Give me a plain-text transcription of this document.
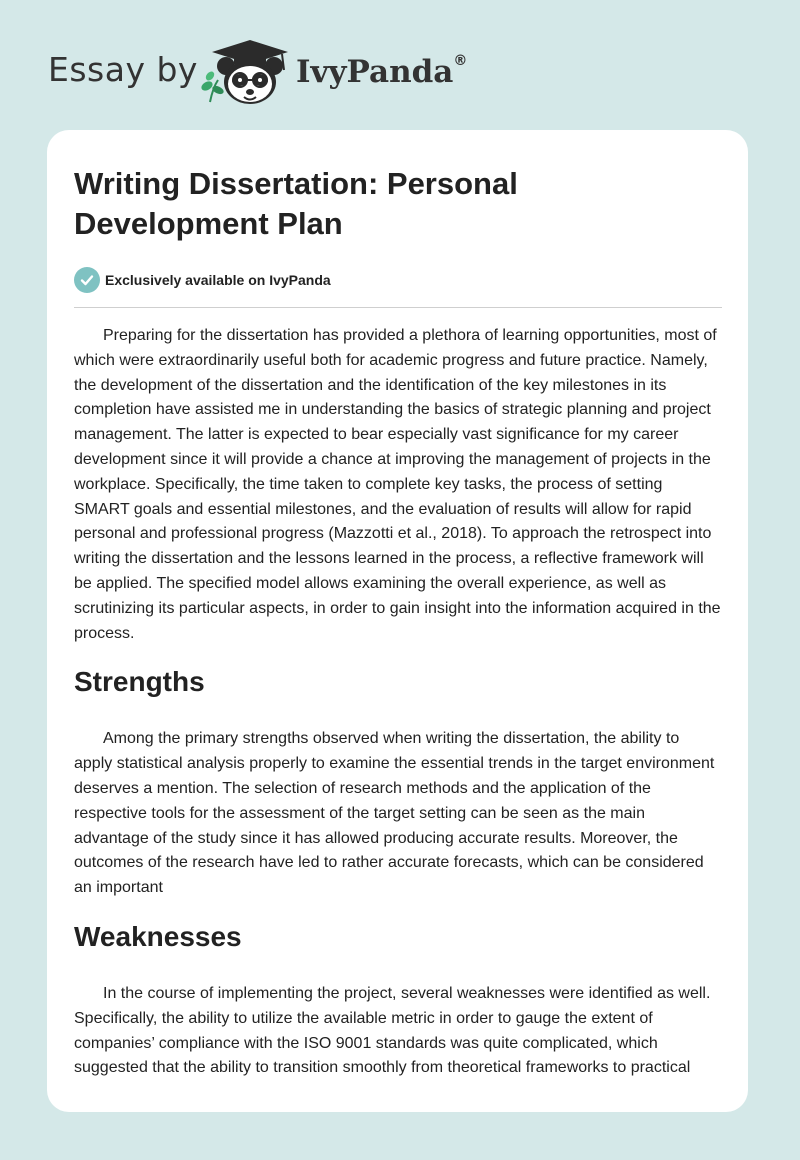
Essay by	IvyPanda®
Writing Dissertation: Personal Development Plan
Exclusively available on IvyPanda

Preparing for the dissertation has provided a plethora of learning opportunities, most of which were extraordinarily useful both for academic progress and future practice. Namely, the development of the dissertation and the identification of the key milestones in its completion have assisted me in understanding the basics of strategic planning and project management. The latter is expected to bear especially vast significance for my career development since it will provide a chance at improving the management of projects in the workplace. Specifically, the time taken to complete key tasks, the process of setting SMART goals and essential milestones, and the evaluation of results will allow for rapid personal and professional progress (Mazzotti et al., 2018). To approach the retrospect into writing the dissertation and the lessons learned in the process, a reflective framework will be applied. The specified model allows examining the overall experience, as well as scrutinizing its particular aspects, in order to gain insight into the information acquired in the process.

Strengths

Among the primary strengths observed when writing the dissertation, the ability to apply statistical analysis properly to examine the essential trends in the target environment deserves a mention. The selection of research methods and the application of the respective tools for the assessment of the target setting can be seen as the main advantage of the study since it has allowed producing accurate results. Moreover, the outcomes of the research have led to rather accurate forecasts, which can be considered an important

Weaknesses

In the course of implementing the project, several weaknesses were identified as well. Specifically, the ability to utilize the available metric in order to gauge the extent of companies’ compliance with the ISO 9001 standards was quite complicated, which suggested that the ability to transition smoothly from theoretical frameworks to practical
